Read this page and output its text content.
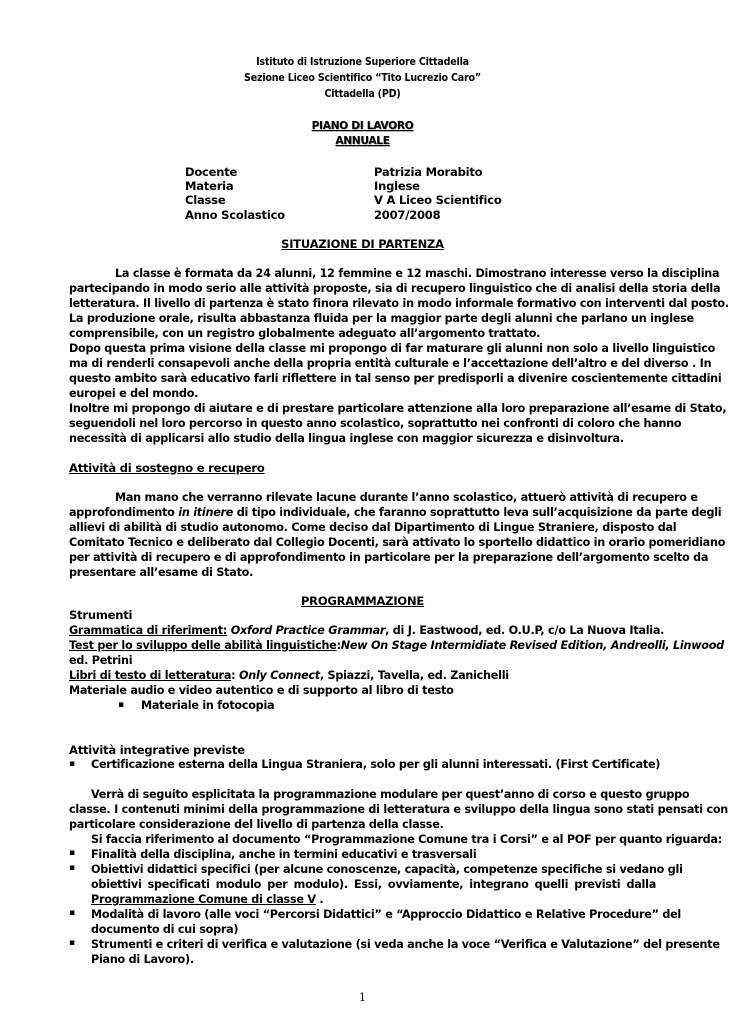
Istituto di Istruzione Superiore Cittadella
Sezione Liceo Scientifico “Tito Lucrezio Caro”
Cittadella (PD)
PIANO DI LAVORO
ANNUALE
Docente	Patrizia Morabito
Materia	Inglese
Classe	V A Liceo Scientifico
Anno Scolastico	2007/2008
SITUAZIONE DI PARTENZA
La classe è formata da 24 alunni, 12 femmine e 12 maschi. Dimostrano interesse verso la disciplina
partecipando in modo serio alle attività proposte, sia di recupero linguistico che di analisi della storia della
letteratura. Il livello di partenza è stato finora rilevato in modo informale formativo con interventi dal posto.
La produzione orale, risulta abbastanza fluida per la maggior parte degli alunni che parlano un inglese
comprensibile, con un registro globalmente adeguato all’argomento trattato.
Dopo questa prima visione della classe mi propongo di far maturare gli alunni non solo a livello linguistico
ma di renderli consapevoli anche della propria entità culturale e l’accettazione dell’altro e del diverso . In
questo ambito sarà educativo farli riflettere in tal senso per predisporli a divenire coscientemente cittadini
europei e del mondo.
Inoltre mi propongo di aiutare e di prestare particolare attenzione alla loro preparazione all’esame di Stato,
seguendoli nel loro percorso in questo anno scolastico, soprattutto nei confronti di coloro che hanno
necessità di applicarsi allo studio della lingua inglese con maggior sicurezza e disinvoltura.
Attività di sostegno e recupero
Man mano che verranno rilevate lacune durante l’anno scolastico, attuerò attività di recupero e
approfondimento in itinere di tipo individuale, che faranno soprattutto leva sull’acquisizione da parte degli
allievi di abilità di studio autonomo. Come deciso dal Dipartimento di Lingue Straniere, disposto dal
Comitato Tecnico e deliberato dal Collegio Docenti, sarà attivato lo sportello didattico in orario pomeridiano
per attività di recupero e di approfondimento in particolare per la preparazione dell’argomento scelto da
presentare all’esame di Stato.
PROGRAMMAZIONE
Strumenti
Grammatica di riferiment: Oxford Practice Grammar, di J. Eastwood, ed. O.U.P, c/o La Nuova Italia.
Test per lo sviluppo delle abilità linguistiche:New On Stage Intermidiate Revised Edition, Andreolli, Linwood
ed. Petrini
Libri di testo di letteratura: Only Connect, Spiazzi, Tavella, ed. Zanichelli
Materiale audio e video autentico e di supporto al libro di testo
▪ Materiale in fotocopia
Attività integrative previste
▪ Certificazione esterna della Lingua Straniera, solo per gli alunni interessati. (First Certificate)
Verrà di seguito esplicitata la programmazione modulare per quest’anno di corso e questo gruppo
classe. I contenuti minimi della programmazione di letteratura e sviluppo della lingua sono stati pensati con
particolare considerazione del livello di partenza della classe.
Si faccia riferimento al documento “Programmazione Comune tra i Corsi” e al POF per quanto riguarda:
▪ Finalità della disciplina, anche in termini educativi e trasversali
▪ Obiettivi didattici specifici (per alcune conoscenze, capacità, competenze specifiche si vedano gli
obiettivi specificati modulo per modulo). Essi, ovviamente, integrano quelli previsti dalla
Programmazione Comune di classe V .
▪ Modalità di lavoro (alle voci “Percorsi Didattici” e “Approccio Didattico e Relative Procedure” del
documento di cui sopra)
▪ Strumenti e criteri di verifica e valutazione (si veda anche la voce “Verifica e Valutazione” del presente
Piano di Lavoro).
1
